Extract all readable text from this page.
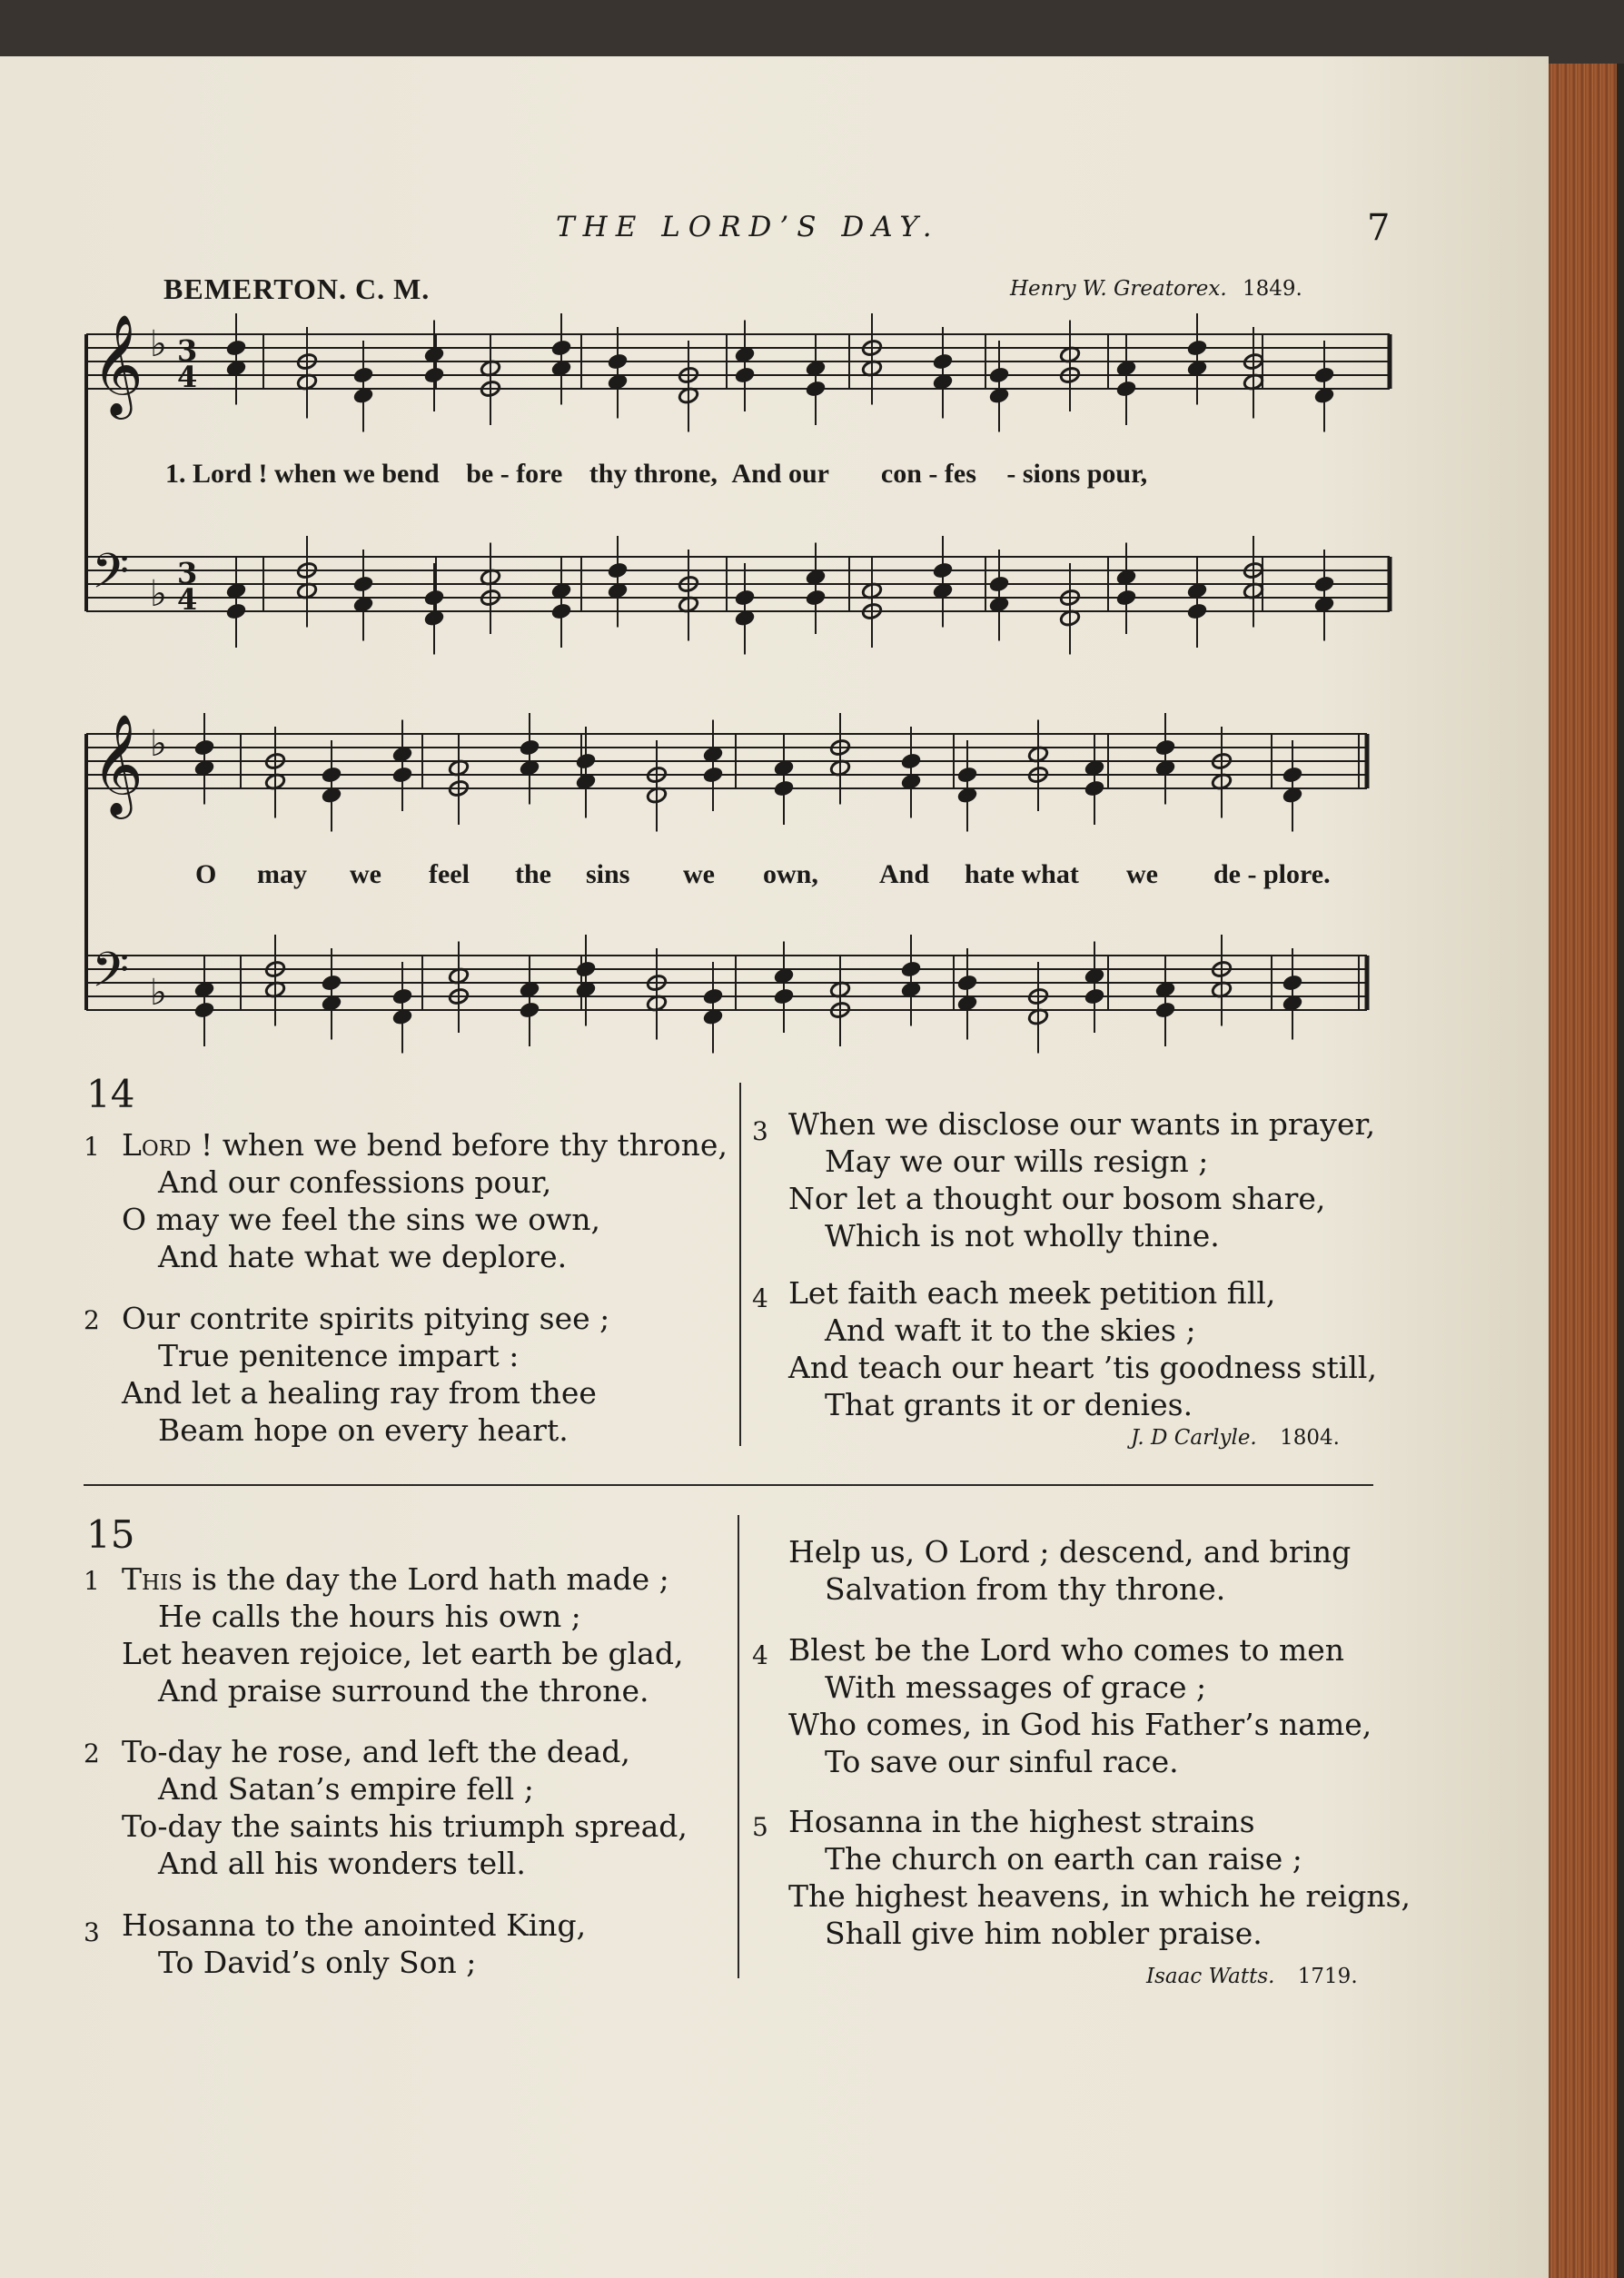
THE LORD’S DAY.	7
BEMERTON. C. M.	Henry W. Greatorex. 1849.
𝄞 ♭ 3
4
𝄢 ♭ 3
4
𝄞 ♭
𝄢 ♭
1. Lord ! when we bend be - fore thy throne, And our con - fes - sions pour,
O may we feel the sins we own, And hate what we de - plore.
14
1 Lord ! when we bend before thy throne,
And our confessions pour,
O may we feel the sins we own,
And hate what we deplore.
2 Our contrite spirits pitying see ;
True penitence impart :
And let a healing ray from thee
Beam hope on every heart.
3 When we disclose our wants in prayer,
May we our wills resign ;
Nor let a thought our bosom share,
Which is not wholly thine.
4 Let faith each meek petition fill,
And waft it to the skies ;
And teach our heart ’tis goodness still,
That grants it or denies.
J. D Carlyle. 1804.
15
1 This is the day the Lord hath made ;
He calls the hours his own ;
Let heaven rejoice, let earth be glad,
And praise surround the throne.
2 To-day he rose, and left the dead,
And Satan’s empire fell ;
To-day the saints his triumph spread,
And all his wonders tell.
3 Hosanna to the anointed King,
To David’s only Son ;
Help us, O Lord ; descend, and bring
Salvation from thy throne.
4 Blest be the Lord who comes to men
With messages of grace ;
Who comes, in God his Father’s name,
To save our sinful race.
5 Hosanna in the highest strains
The church on earth can raise ;
The highest heavens, in which he reigns,
Shall give him nobler praise.
Isaac Watts. 1719.
